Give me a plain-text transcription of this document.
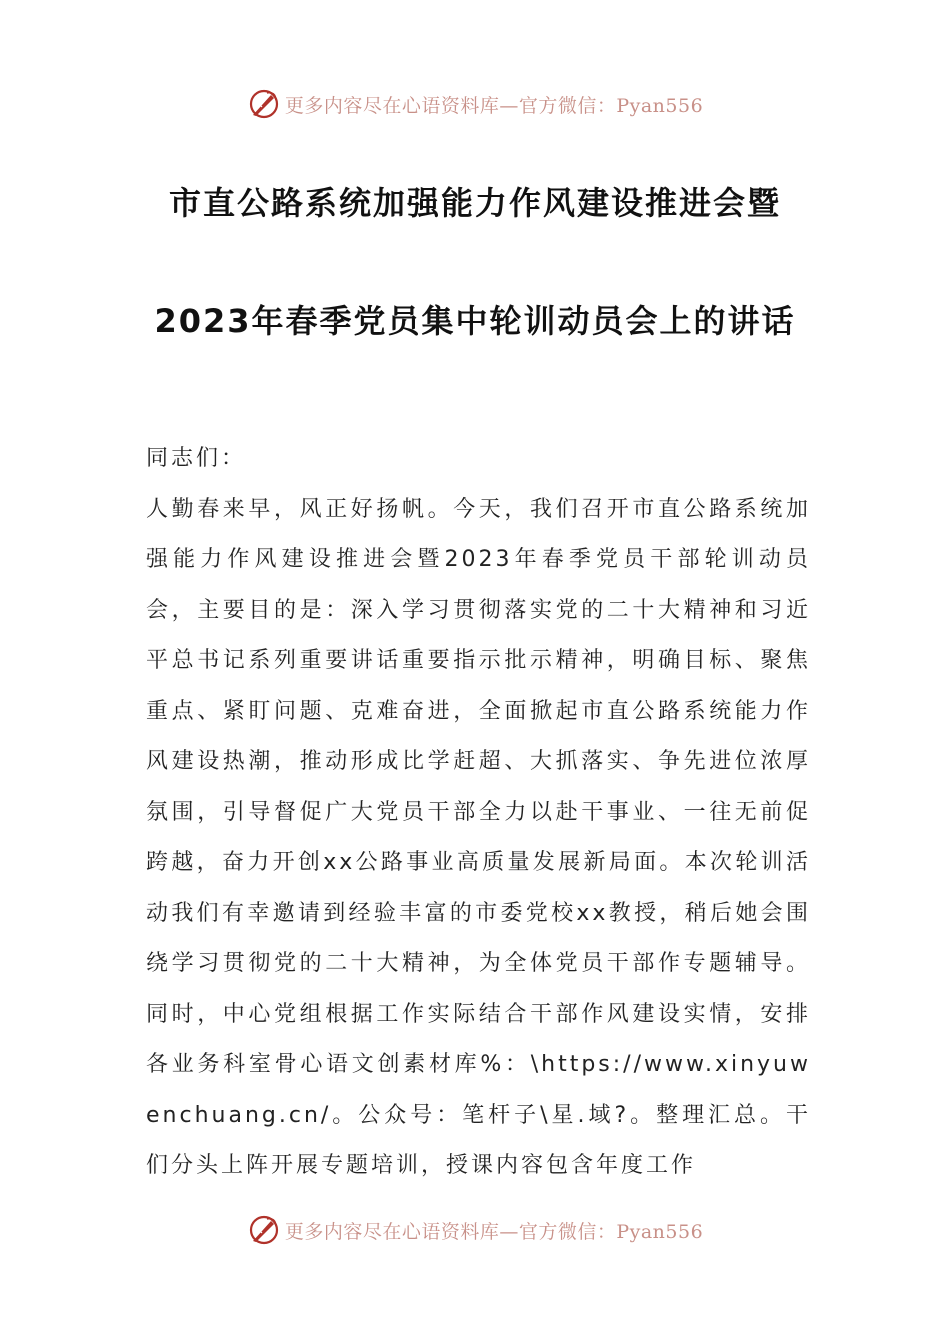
更多内容尽在心语资料库—官方微信：Pyan556
市直公路系统加强能力作风建设推进会暨
2023年春季党员集中轮训动员会上的讲话

同志们：

人勤春来早，风正好扬帆。今天，我们召开市直公路系统加强能力作风建设推进会暨2023年春季党员干部轮训动员会，主要目的是：深入学习贯彻落实党的二十大精神和习近平总书记系列重要讲话重要指示批示精神，明确目标、聚焦重点、紧盯问题、克难奋进，全面掀起市直公路系统能力作风建设热潮，推动形成比学赶超、大抓落实、争先进位浓厚氛围，引导督促广大党员干部全力以赴干事业、一往无前促跨越，奋力开创xx公路事业高质量发展新局面。本次轮训活动我们有幸邀请到经验丰富的市委党校xx教授，稍后她会围绕学习贯彻党的二十大精神，为全体党员干部作专题辅导。同时，中心党组根据工作实际结合干部作风建设实情，安排各业务科室骨心语文创素材库%：\https://www.xinyuwenchuang.cn/。公众号：笔杆子\星.域?。整理汇总。干们分头上阵开展专题培训，授课内容包含年度工作

更多内容尽在心语资料库—官方微信：Pyan556
